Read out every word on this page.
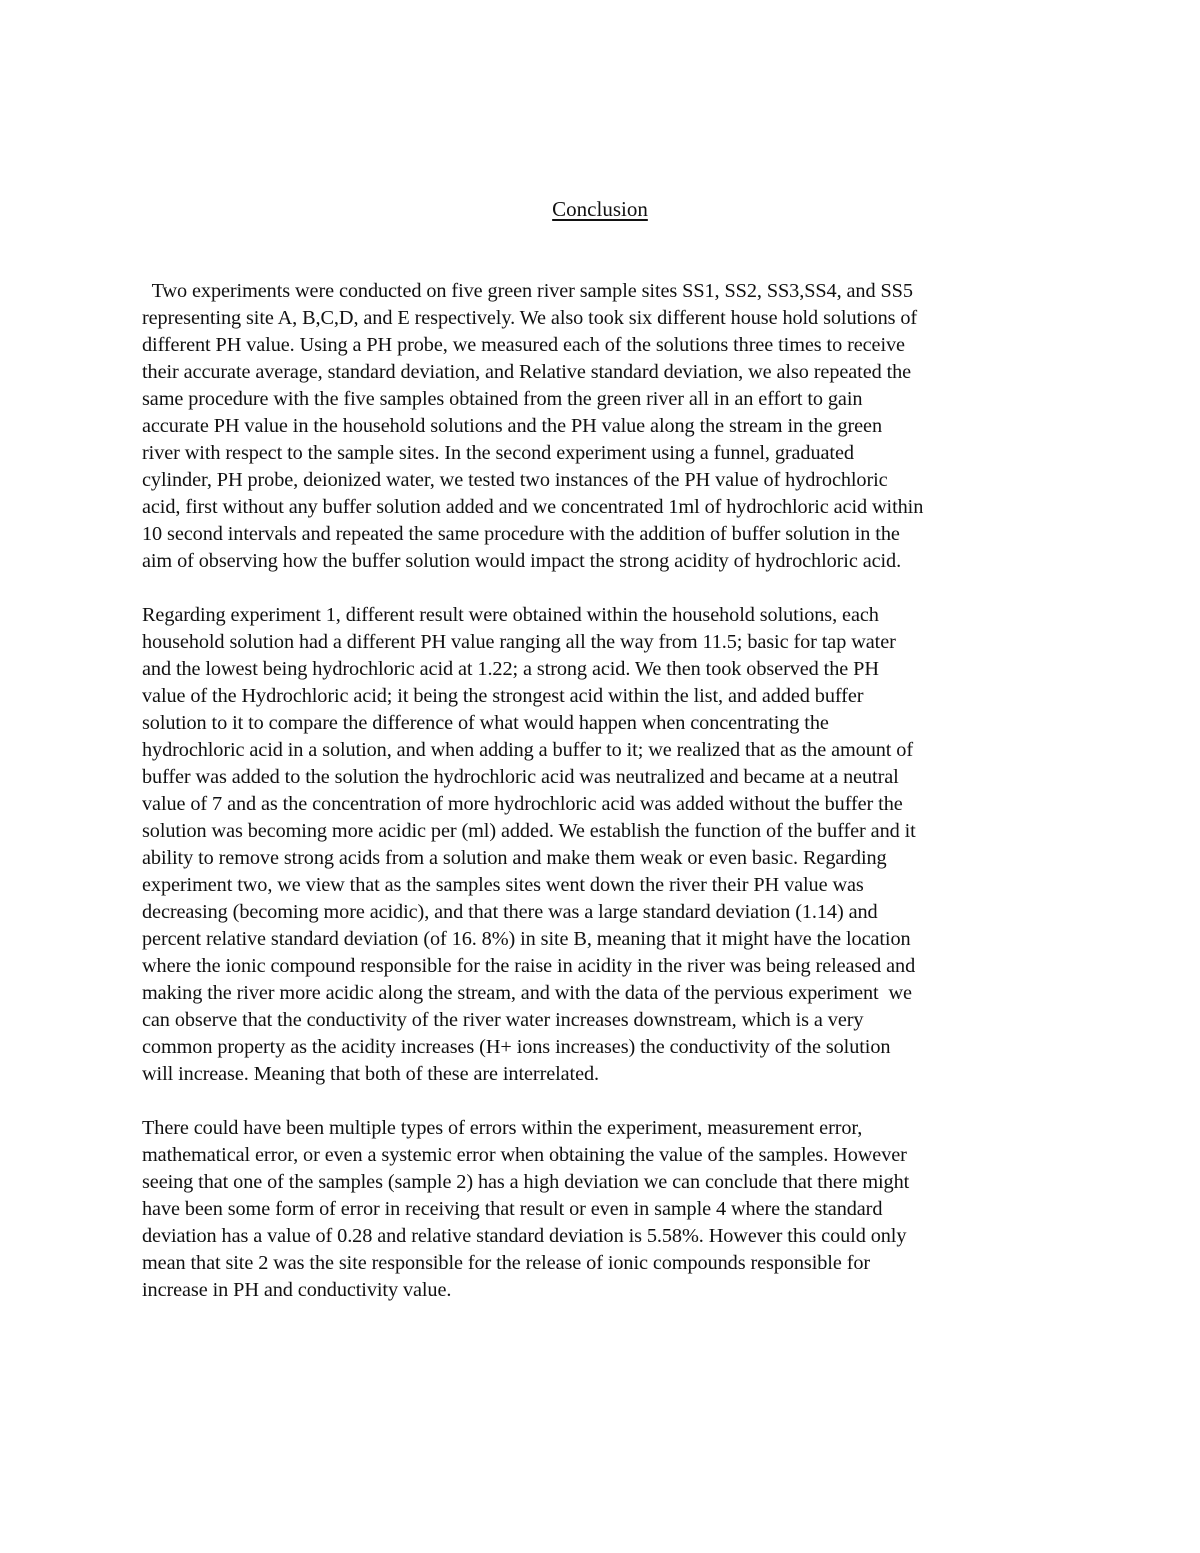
Conclusion

Two experiments were conducted on five green river sample sites SS1, SS2, SS3,SS4, and SS5
representing site A, B,C,D, and E respectively. We also took six different house hold solutions of
different PH value. Using a PH probe, we measured each of the solutions three times to receive
their accurate average, standard deviation, and Relative standard deviation, we also repeated the
same procedure with the five samples obtained from the green river all in an effort to gain
accurate PH value in the household solutions and the PH value along the stream in the green
river with respect to the sample sites. In the second experiment using a funnel, graduated
cylinder, PH probe, deionized water, we tested two instances of the PH value of hydrochloric
acid, first without any buffer solution added and we concentrated 1ml of hydrochloric acid within
10 second intervals and repeated the same procedure with the addition of buffer solution in the
aim of observing how the buffer solution would impact the strong acidity of hydrochloric acid.

Regarding experiment 1, different result were obtained within the household solutions, each
household solution had a different PH value ranging all the way from 11.5; basic for tap water
and the lowest being hydrochloric acid at 1.22; a strong acid. We then took observed the PH
value of the Hydrochloric acid; it being the strongest acid within the list, and added buffer
solution to it to compare the difference of what would happen when concentrating the
hydrochloric acid in a solution, and when adding a buffer to it; we realized that as the amount of
buffer was added to the solution the hydrochloric acid was neutralized and became at a neutral
value of 7 and as the concentration of more hydrochloric acid was added without the buffer the
solution was becoming more acidic per (ml) added. We establish the function of the buffer and it
ability to remove strong acids from a solution and make them weak or even basic. Regarding
experiment two, we view that as the samples sites went down the river their PH value was
decreasing (becoming more acidic), and that there was a large standard deviation (1.14) and
percent relative standard deviation (of 16. 8%) in site B, meaning that it might have the location
where the ionic compound responsible for the raise in acidity in the river was being released and
making the river more acidic along the stream, and with the data of the pervious experiment  we
can observe that the conductivity of the river water increases downstream, which is a very
common property as the acidity increases (H+ ions increases) the conductivity of the solution
will increase. Meaning that both of these are interrelated.

There could have been multiple types of errors within the experiment, measurement error,
mathematical error, or even a systemic error when obtaining the value of the samples. However
seeing that one of the samples (sample 2) has a high deviation we can conclude that there might
have been some form of error in receiving that result or even in sample 4 where the standard
deviation has a value of 0.28 and relative standard deviation is 5.58%. However this could only
mean that site 2 was the site responsible for the release of ionic compounds responsible for
increase in PH and conductivity value.
